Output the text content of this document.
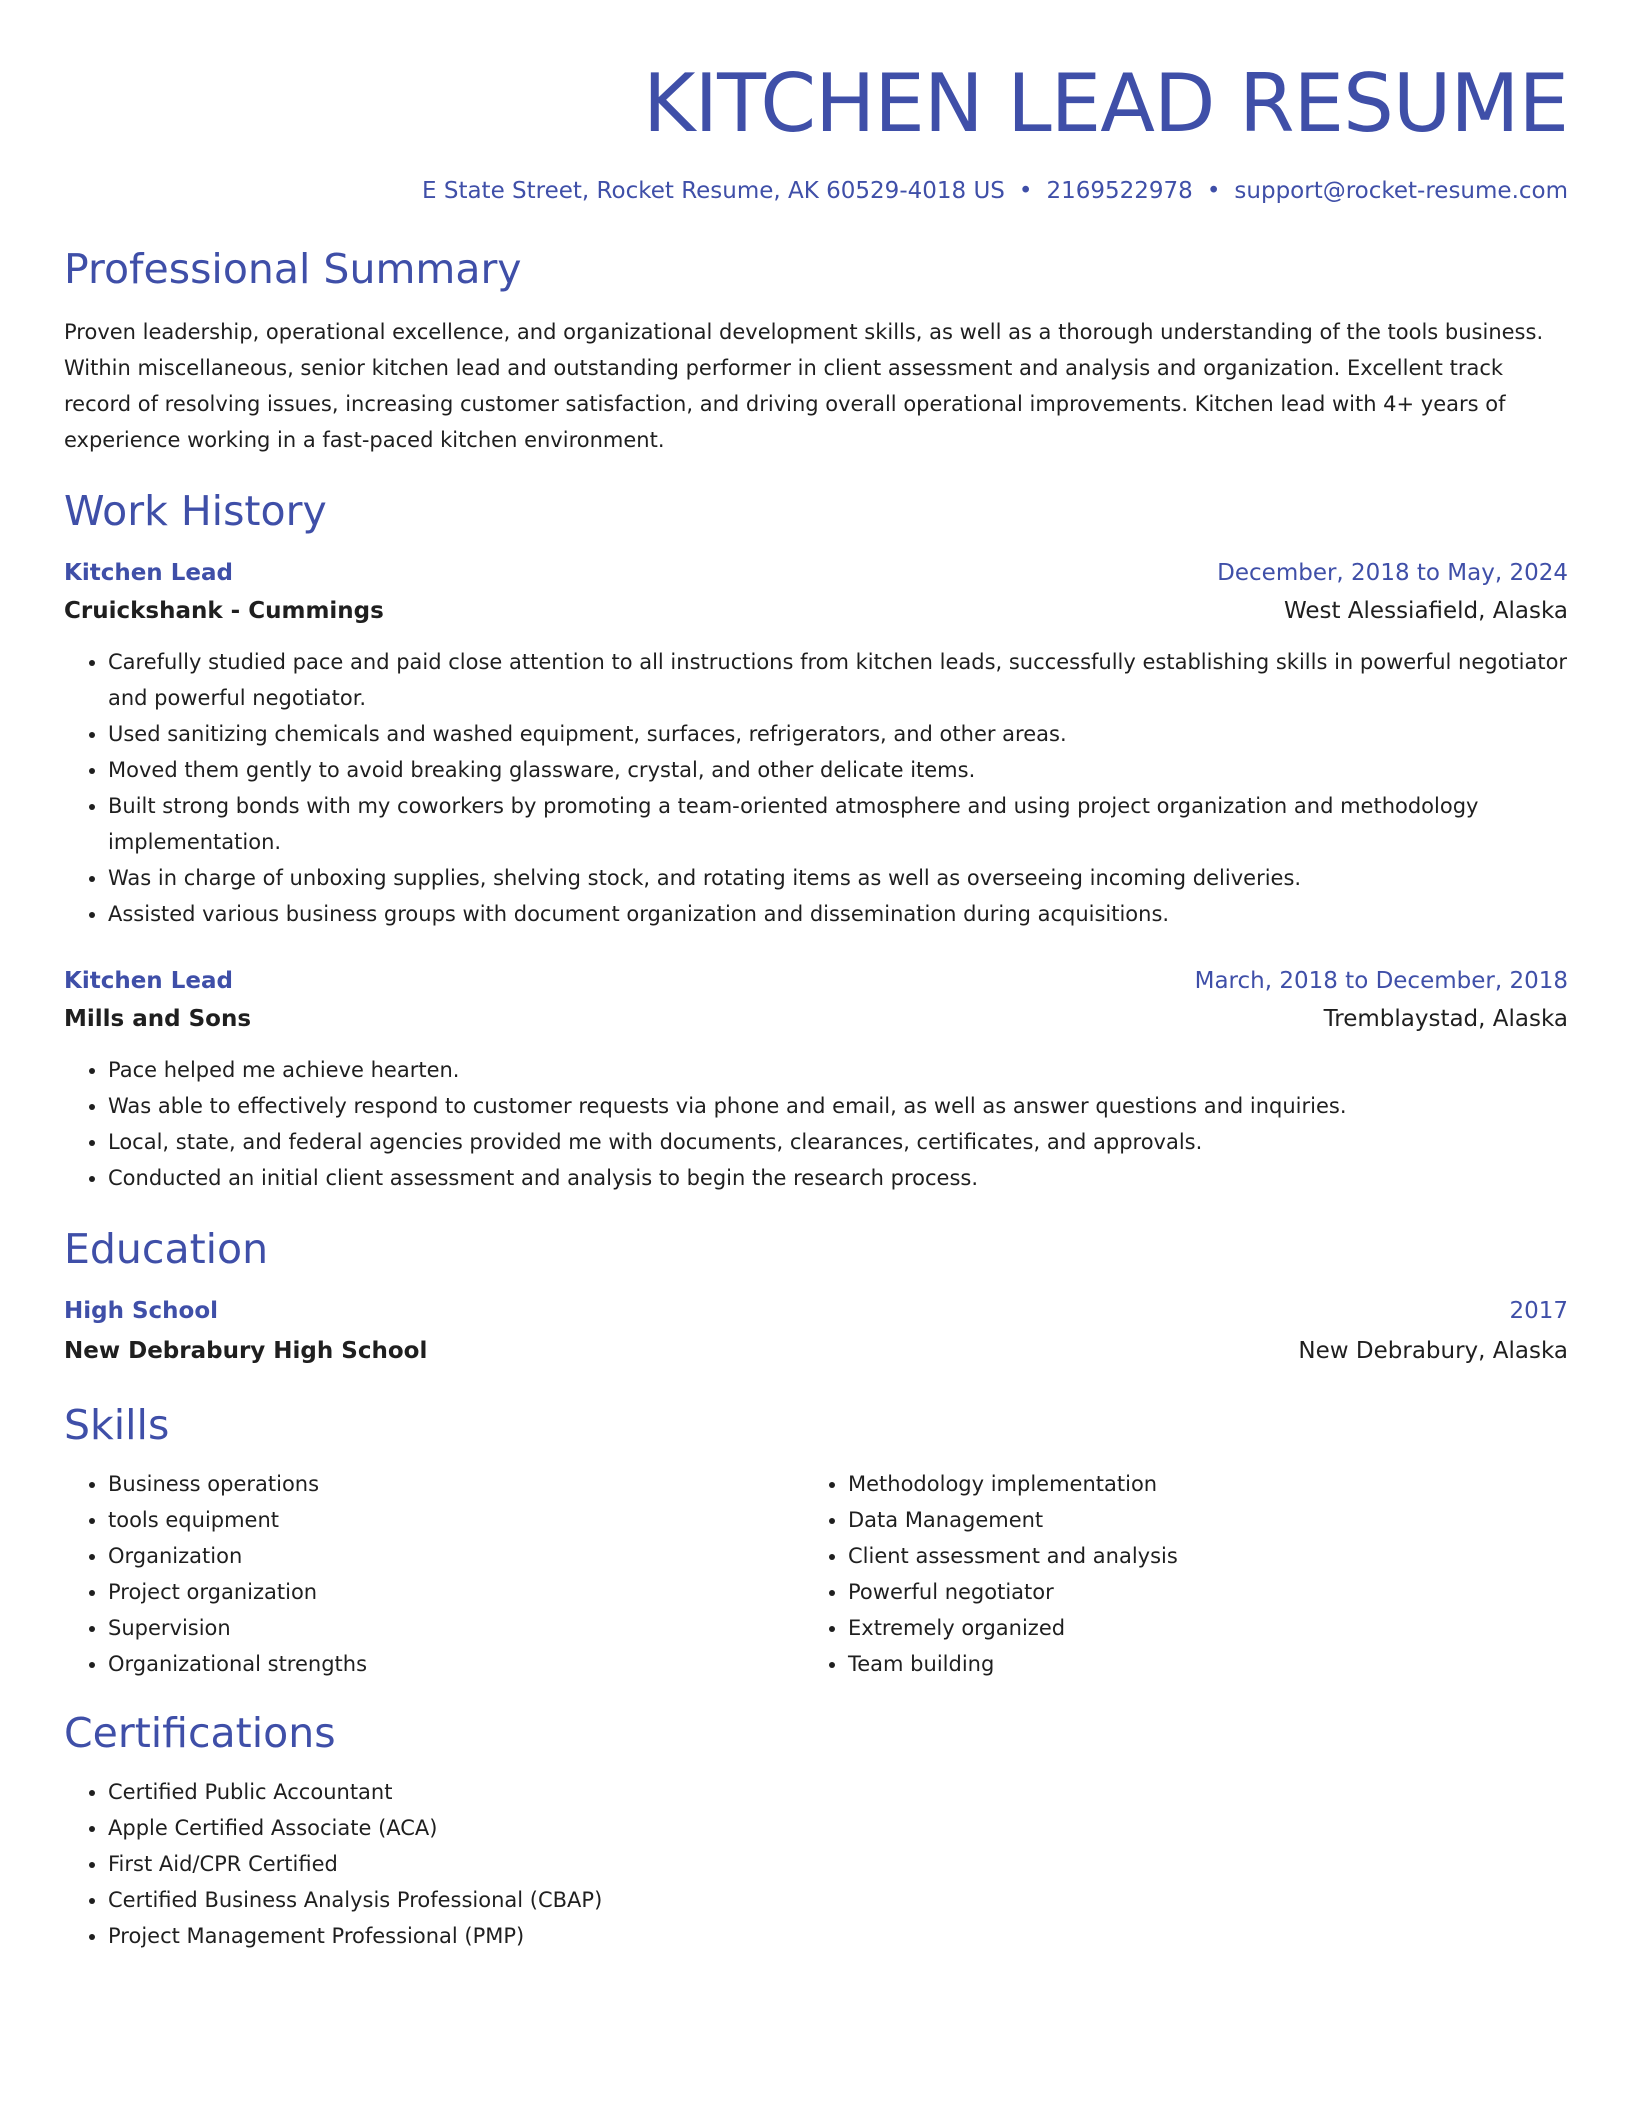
KITCHEN LEAD RESUME
E State Street, Rocket Resume, AK 60529-4018 US • 2169522978 • support@rocket-resume.com
Professional Summary

Proven leadership, operational excellence, and organizational development skills, as well as a thorough understanding of the tools business. Within miscellaneous, senior kitchen lead and outstanding performer in client assessment and analysis and organization. Excellent track record of resolving issues, increasing customer satisfaction, and driving overall operational improvements. Kitchen lead with 4+ years of experience working in a fast-paced kitchen environment.

Work History
Kitchen Lead	December, 2018 to May, 2024
Cruickshank - Cummings	West Alessiafield, Alaska
• Carefully studied pace and paid close attention to all instructions from kitchen leads, successfully establishing skills in powerful negotiator and powerful negotiator.
• Used sanitizing chemicals and washed equipment, surfaces, refrigerators, and other areas.
• Moved them gently to avoid breaking glassware, crystal, and other delicate items.
• Built strong bonds with my coworkers by promoting a team-oriented atmosphere and using project organization and methodology implementation.
• Was in charge of unboxing supplies, shelving stock, and rotating items as well as overseeing incoming deliveries.
• Assisted various business groups with document organization and dissemination during acquisitions.
Kitchen Lead	March, 2018 to December, 2018
Mills and Sons	Tremblaystad, Alaska
• Pace helped me achieve hearten.
• Was able to effectively respond to customer requests via phone and email, as well as answer questions and inquiries.
• Local, state, and federal agencies provided me with documents, clearances, certificates, and approvals.
• Conducted an initial client assessment and analysis to begin the research process.
Education
High School	2017
New Debrabury High School	New Debrabury, Alaska
Skills
• Business operations
• tools equipment
• Organization
• Project organization
• Supervision
• Organizational strengths
• Methodology implementation
• Data Management
• Client assessment and analysis
• Powerful negotiator
• Extremely organized
• Team building
Certifications
• Certified Public Accountant
• Apple Certified Associate (ACA)
• First Aid/CPR Certified
• Certified Business Analysis Professional (CBAP)
• Project Management Professional (PMP)
